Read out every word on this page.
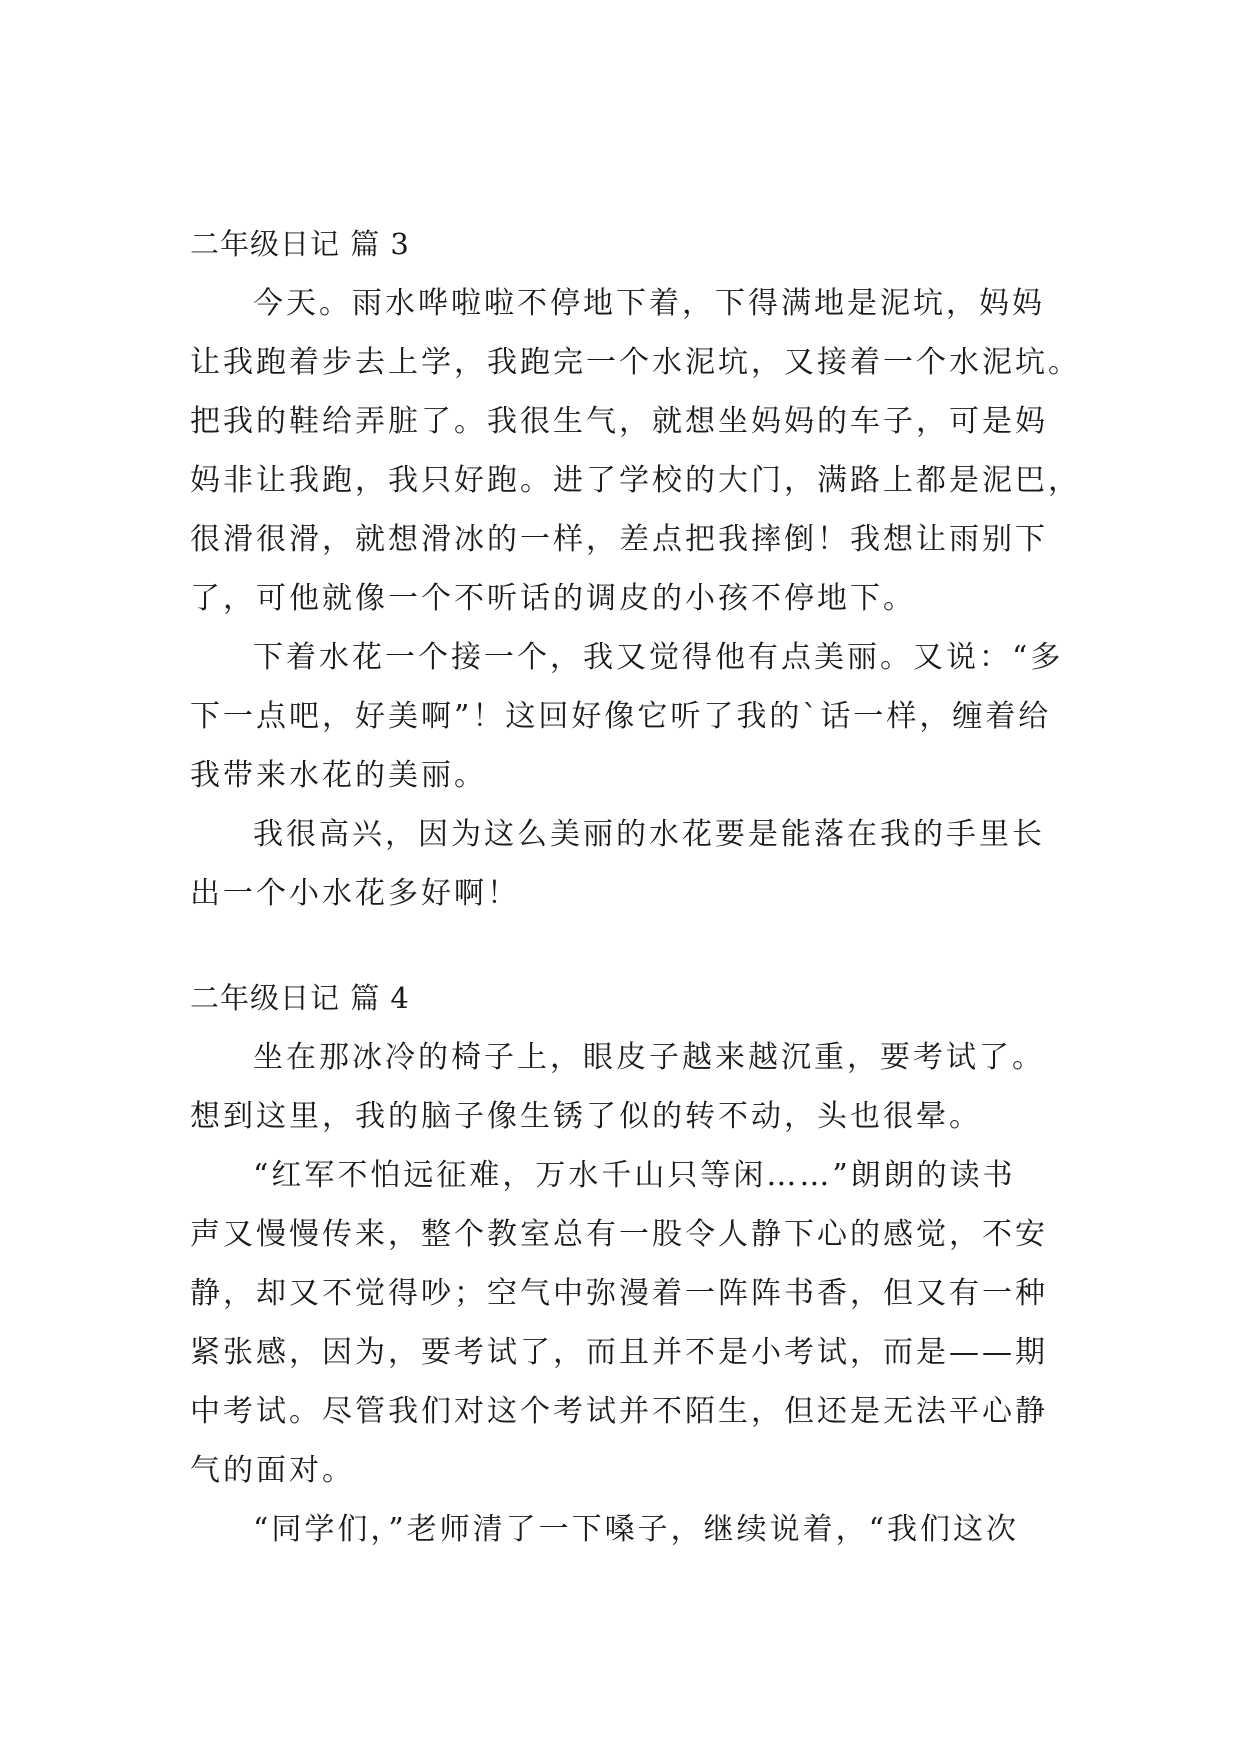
二年级日记 篇 3
今天。雨水哗啦啦不停地下着，下得满地是泥坑，妈妈
让我跑着步去上学，我跑完一个水泥坑，又接着一个水泥坑。
把我的鞋给弄脏了。我很生气，就想坐妈妈的车子，可是妈
妈非让我跑，我只好跑。进了学校的大门，满路上都是泥巴，
很滑很滑，就想滑冰的一样，差点把我摔倒！我想让雨别下
了，可他就像一个不听话的调皮的小孩不停地下。
下着水花一个接一个，我又觉得他有点美丽。又说：“多
下一点吧，好美啊”！这回好像它听了我的`话一样，缠着给
我带来水花的美丽。
我很高兴，因为这么美丽的水花要是能落在我的手里长
出一个小水花多好啊！
二年级日记 篇 4
坐在那冰冷的椅子上，眼皮子越来越沉重，要考试了。
想到这里，我的脑子像生锈了似的转不动，头也很晕。
“红军不怕远征难，万水千山只等闲……”朗朗的读书
声又慢慢传来，整个教室总有一股令人静下心的感觉，不安
静，却又不觉得吵；空气中弥漫着一阵阵书香，但又有一种
紧张感，因为，要考试了，而且并不是小考试，而是——期
中考试。尽管我们对这个考试并不陌生，但还是无法平心静
气的面对。
“同学们，”老师清了一下嗓子，继续说着，“我们这次
